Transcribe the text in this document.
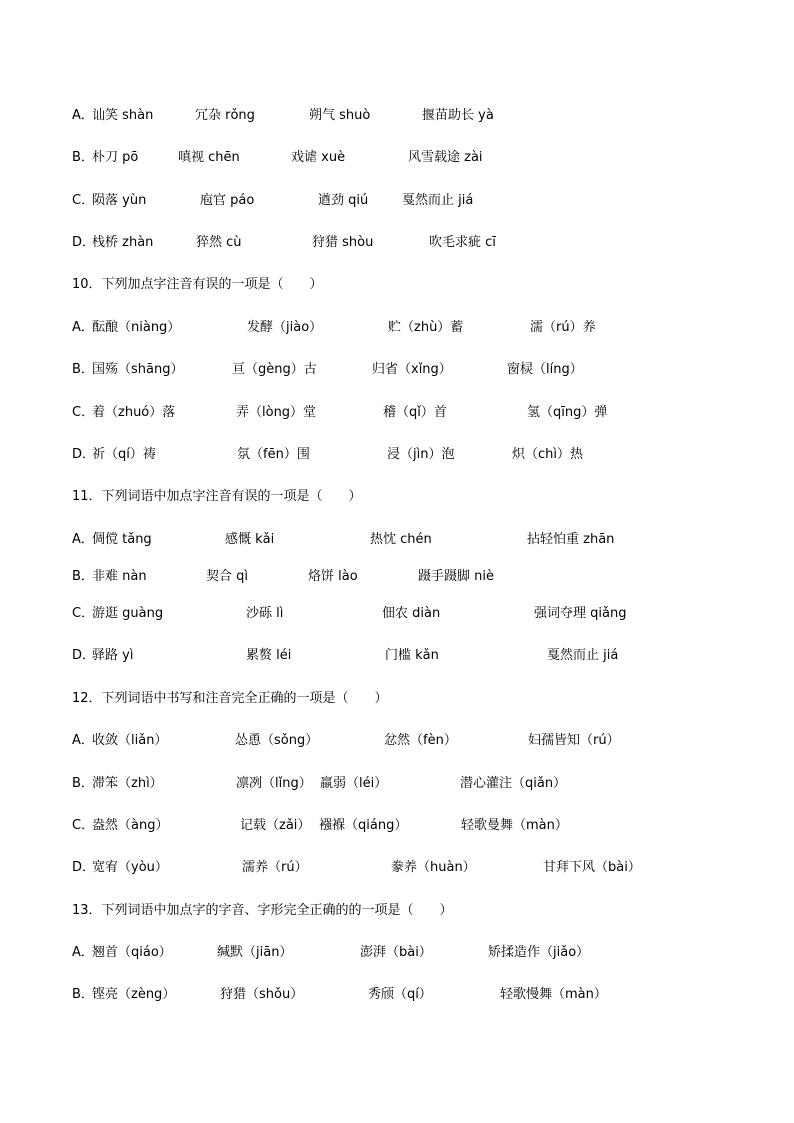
A．
讪笑 shàn	冗杂 rǒng	朔气 shuò	揠苗助长 yà
B．
朴刀 pō	嗔视 chēn	戏谑 xuè	风雪载途 zài
C．
陨落 yùn	庖官 páo	遒劲 qiú	戛然而止 jiá
D．
栈桥 zhàn	猝然 cù	狩猎 shòu	吹毛求疵 cī
10．下列加点字注音有误的一项是（　　）
A．
酝酿（niàng）	发酵（jiào）	贮（zhù）蓄	濡（rú）养
B．
国殇（shāng）	亘（gèng）古	归省（xǐng）	窗棂（líng）
C．
着（zhuó）落	弄（lòng）堂	稽（qǐ）首	氢（qīng）弹
D．
祈（qí）祷	氛（fēn）围	浸（jìn）泡	炽（chì）热
11．下列词语中加点字注音有误的一项是（　　）
A．
倜傥 tǎng	感慨 kǎi	热忱 chén	拈轻怕重 zhān
B．
非难 nàn	契合 qì	烙饼 lào	蹑手蹑脚 niè
C．
游逛 guàng	沙砾 lì	佃农 diàn	强词夺理 qiǎng
D．
驿路 yì	累赘 léi	门槛 kǎn	戛然而止 jiá
12．下列词语中书写和注音完全正确的一项是（　　）
A．
收敛（liǎn）	怂恿（sǒng）	忿然（fèn）	妇孺皆知（rú）
B．
滞笨（zhì）	凛冽（lǐng） 羸弱（léi）	潜心灌注（qiǎn）
C．
盎然（àng）	记载（zǎi） 襁褓（qiáng）	轻歌曼舞（màn）
D．
宽宥（yòu）	濡养（rú）	豢养（huàn）	甘拜下风（bài）
13．下列词语中加点字的字音、字形完全正确的的一项是（　　）
A．
翘首（qiáo）	缄默（jiān）	澎湃（bài）	矫揉造作（jiǎo）
B．
铿亮（zèng）	狩猎（shǒu）	秀颀（qí）	轻歌慢舞（màn）
